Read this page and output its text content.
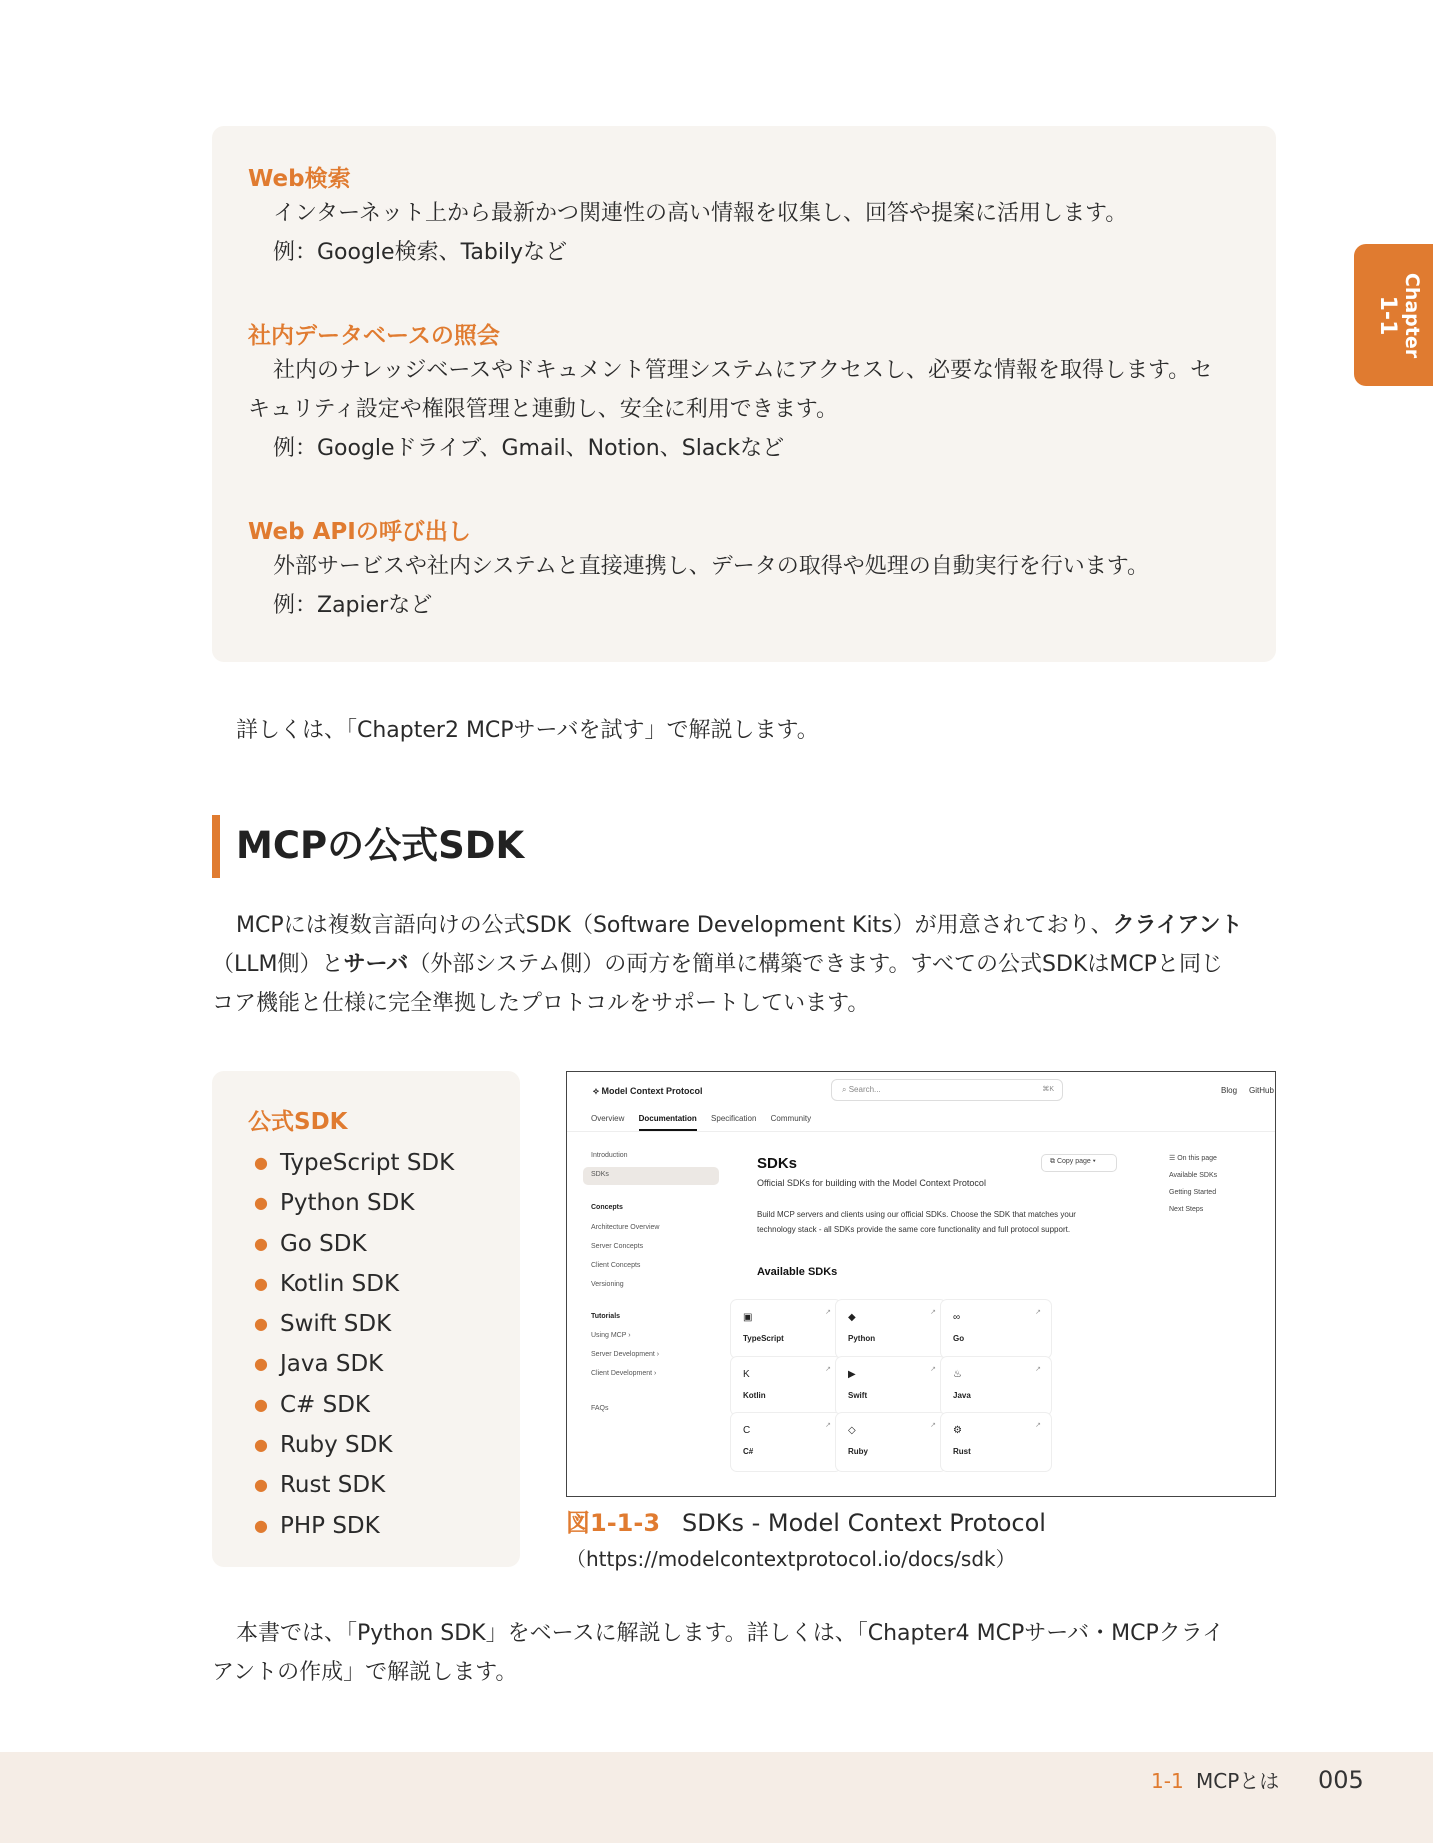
Web検索
インターネット上から最新かつ関連性の高い情報を収集し、回答や提案に活用します。
例：Google検索、Tabilyなど
社内データベースの照会
社内のナレッジベースやドキュメント管理システムにアクセスし、必要な情報を取得します。セ
キュリティ設定や権限管理と連動し、安全に利用できます。
例：Googleドライブ、Gmail、Notion、Slackなど
Web APIの呼び出し
外部サービスや社内システムと直接連携し、データの取得や処理の自動実行を行います。
例：Zapierなど
詳しくは、「Chapter2 MCPサーバを試す」で解説します。
MCPの公式SDK
MCPには複数言語向けの公式SDK（Software Development Kits）が用意されており、クライアント
（LLM側）とサーバ（外部システム側）の両方を簡単に構築できます。すべての公式SDKはMCPと同じ
コア機能と仕様に完全準拠したプロトコルをサポートしています。
公式SDK
● TypeScript SDK
● Python SDK
● Go SDK
● Kotlin SDK
● Swift SDK
● Java SDK
● C# SDK
● Ruby SDK
● Rust SDK
● PHP SDK
⟡ Model Context Protocol	⌕ Search...	⌘K	Blog GitHub
Overview Documentation Specification Community
Introduction
SDKs
Concepts
Architecture Overview
Server Concepts
Client Concepts
Versioning
Tutorials
Using MCP ›
Server Development ›
Client Development ›
FAQs
SDKs
Official SDKs for building with the Model Context Protocol
⧉ Copy page ▾
Build MCP servers and clients using our official SDKs. Choose the SDK that matches your
technology stack - all SDKs provide the same core functionality and full protocol support.
Available SDKs
☰ On this page
Available SDKs
Getting Started
Next Steps
▣	↗
TypeScript
◆	↗
Python
∞	↗
Go
K	↗
Kotlin
▶	↗
Swift
♨	↗
Java
C	↗
C#
◇	↗
Ruby
⚙	↗
Rust
図1-1-3 SDKs - Model Context Protocol
（https://modelcontextprotocol.io/docs/sdk）
本書では、「Python SDK」をベースに解説します。詳しくは、「Chapter4 MCPサーバ・MCPクライ
アントの作成」で解説します。
Chapter
1-1
1-1 MCPとは 005
